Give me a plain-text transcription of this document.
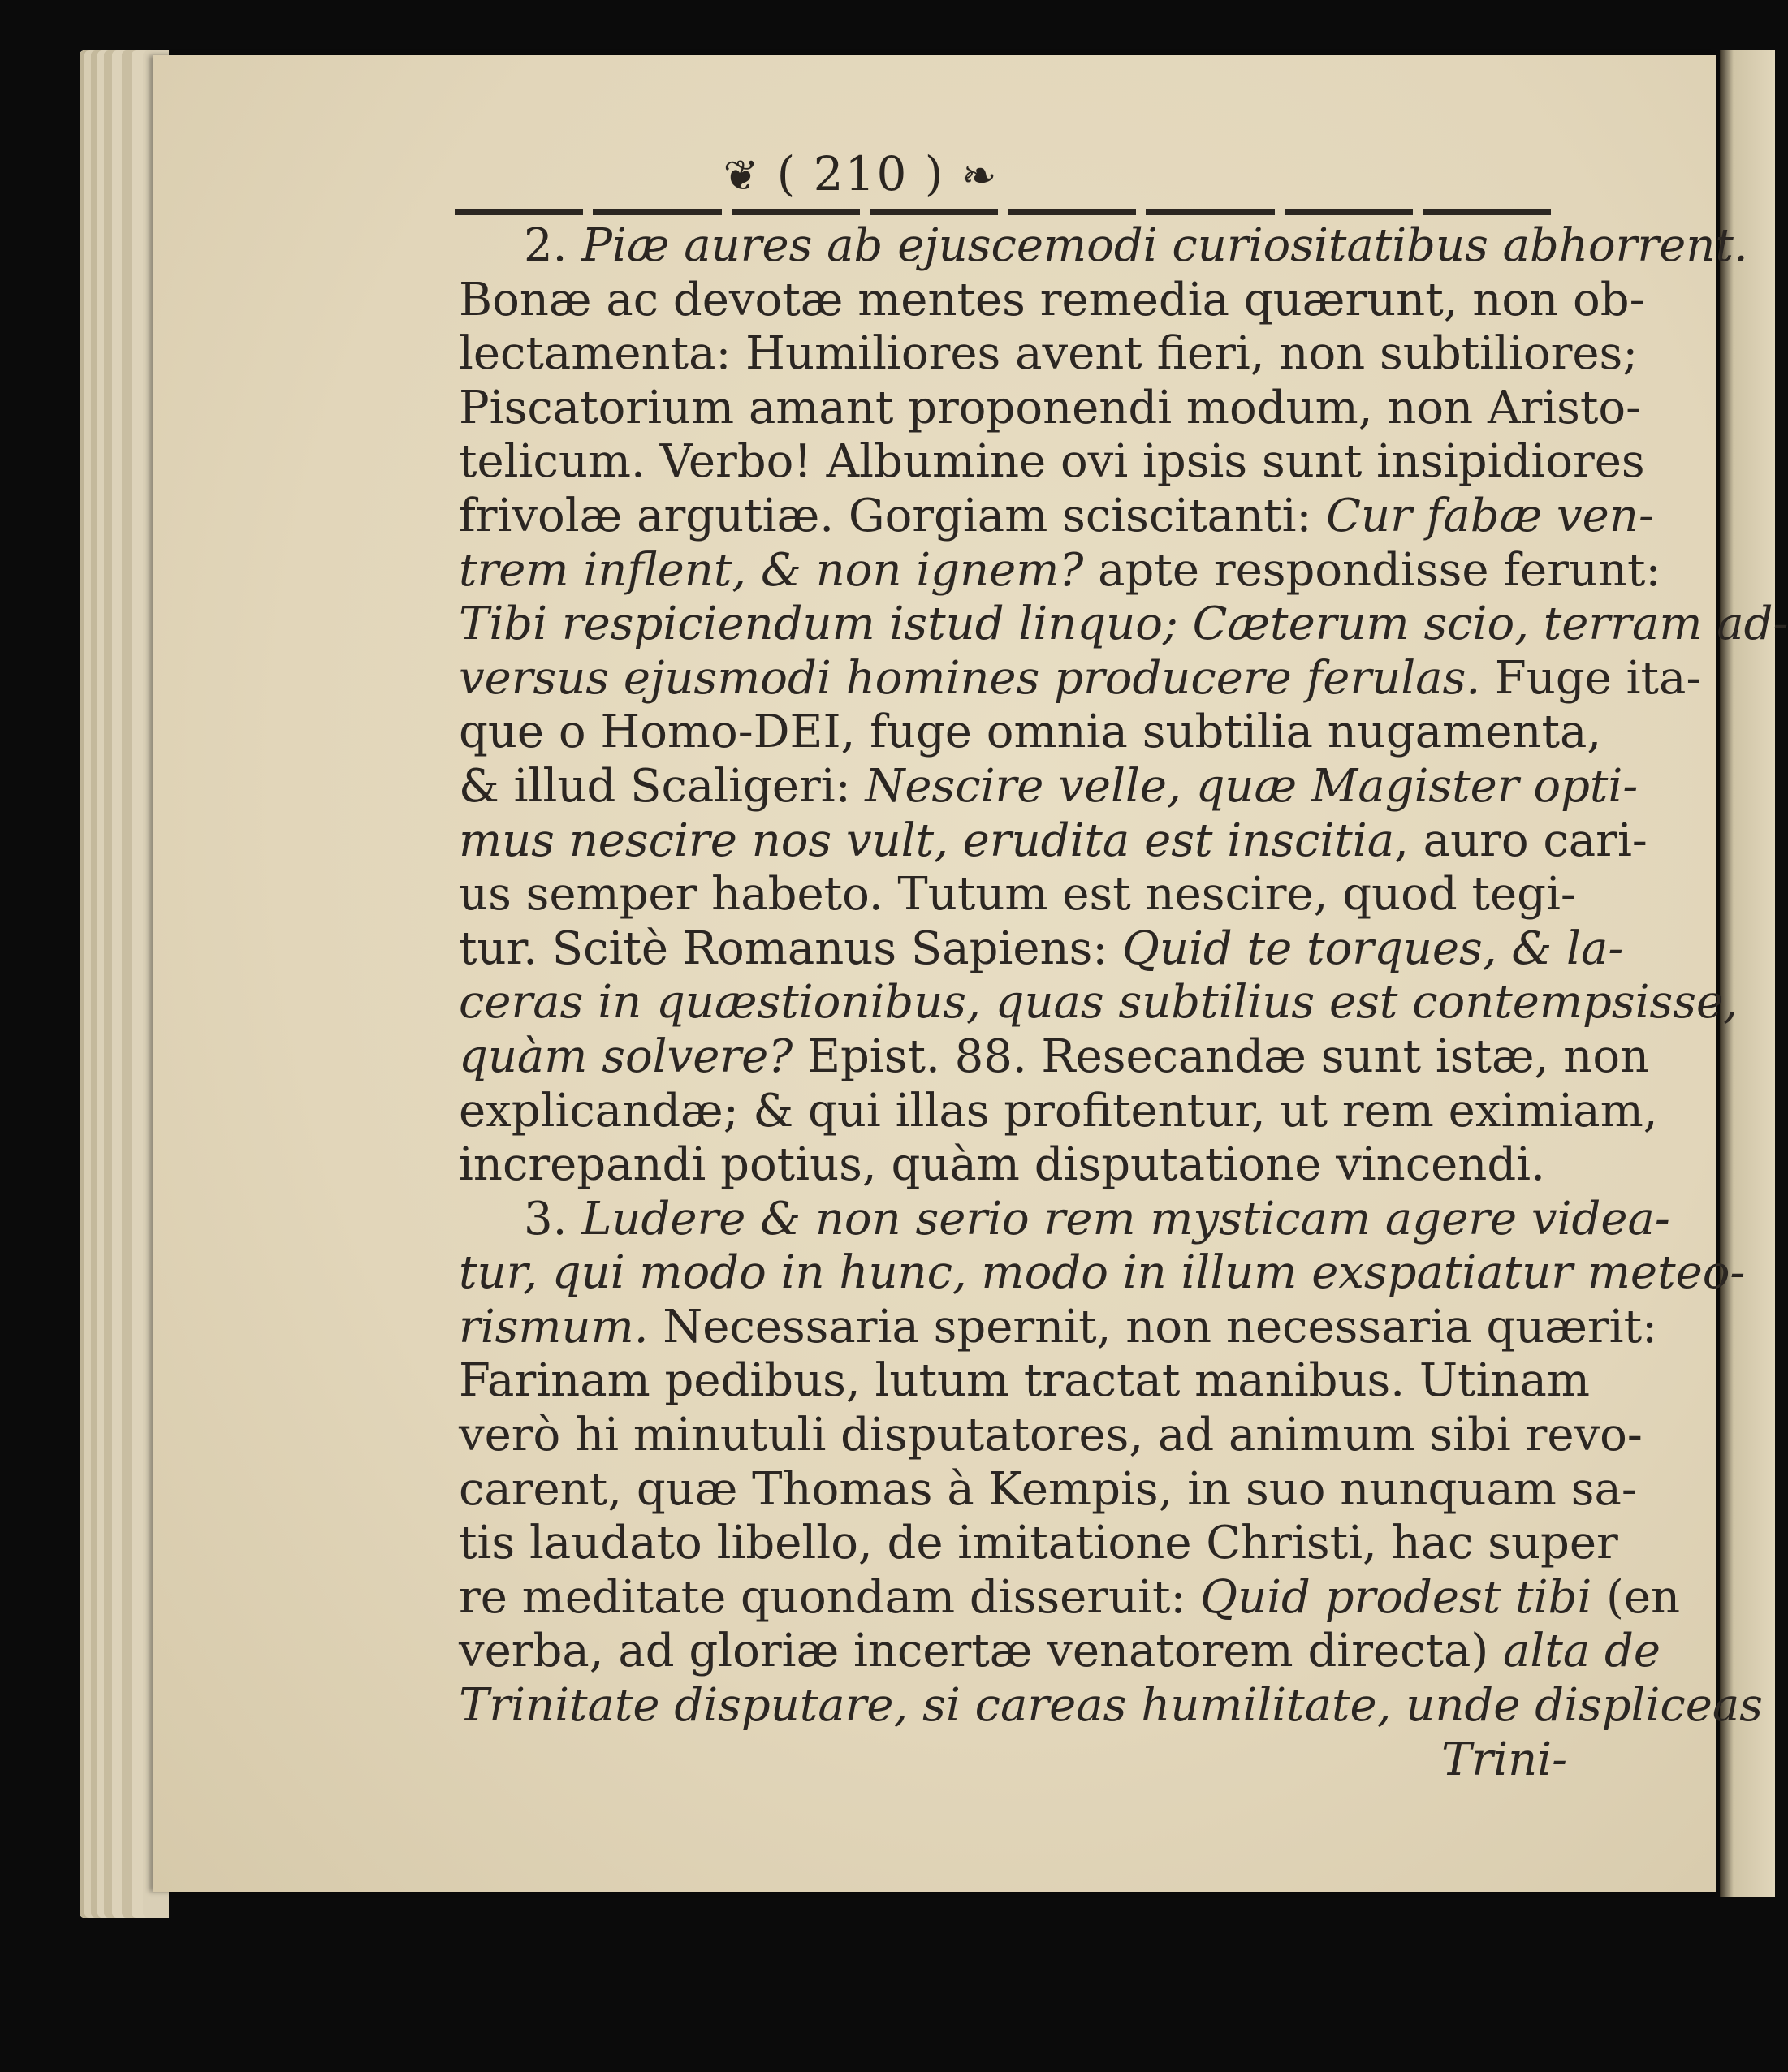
❦ ( 210 ) ❧
2. Piæ aures ab ejuscemodi curiositatibus abhorrent.
Bonæ ac devotæ mentes remedia quærunt, non ob-
lectamenta: Humiliores avent fieri, non subtiliores;
Piscatorium amant proponendi modum, non Aristo-
telicum. Verbo! Albumine ovi ipsis sunt insipidiores
frivolæ argutiæ. Gorgiam sciscitanti: Cur fabæ ven-
trem inflent, & non ignem? apte respondisse ferunt:
Tibi respiciendum istud linquo; Cæterum scio, terram ad-
versus ejusmodi homines producere ferulas. Fuge ita-
que o Homo-DEI, fuge omnia subtilia nugamenta,
& illud Scaligeri: Nescire velle, quæ Magister opti-
mus nescire nos vult, erudita est inscitia, auro cari-
us semper habeto. Tutum est nescire, quod tegi-
tur. Scitè Romanus Sapiens: Quid te torques, & la-
ceras in quæstionibus, quas subtilius est contempsisse,
quàm solvere? Epist. 88. Resecandæ sunt istæ, non
explicandæ; & qui illas profitentur, ut rem eximiam,
increpandi potius, quàm disputatione vincendi.
3. Ludere & non serio rem mysticam agere videa-
tur, qui modo in hunc, modo in illum exspatiatur meteo-
rismum. Necessaria spernit, non necessaria quærit:
Farinam pedibus, lutum tractat manibus. Utinam
verò hi minutuli disputatores, ad animum sibi revo-
carent, quæ Thomas à Kempis, in suo nunquam sa-
tis laudato libello, de imitatione Christi, hac super
re meditate quondam disseruit: Quid prodest tibi (en
verba, ad gloriæ incertæ venatorem directa) alta de
Trinitate disputare, si careas humilitate, unde displiceas
Trini-
